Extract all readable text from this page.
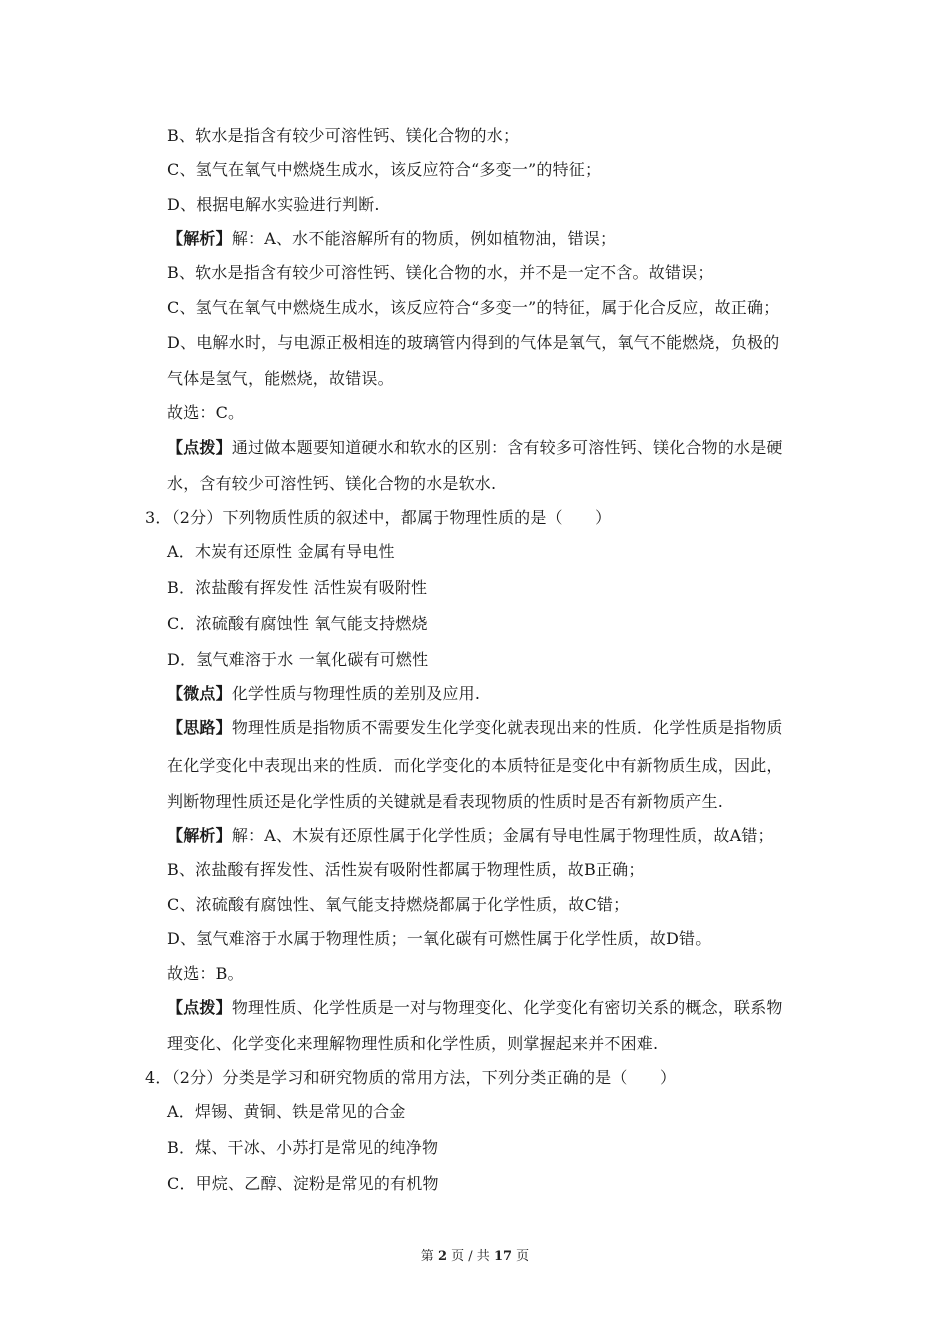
B、软水是指含有较少可溶性钙、镁化合物的水；
C、氢气在氧气中燃烧生成水，该反应符合“多变一”的特征；
D、根据电解水实验进行判断.
【解析】解：A、水不能溶解所有的物质，例如植物油，错误；
B、软水是指含有较少可溶性钙、镁化合物的水，并不是一定不含。故错误；
C、氢气在氧气中燃烧生成水，该反应符合“多变一”的特征，属于化合反应，故正确；
D、电解水时，与电源正极相连的玻璃管内得到的气体是氧气，氧气不能燃烧，负极的
气体是氢气，能燃烧，故错误。
故选：C。
【点拨】通过做本题要知道硬水和软水的区别：含有较多可溶性钙、镁化合物的水是硬
水，含有较少可溶性钙、镁化合物的水是软水.
3．（2分）下列物质性质的叙述中，都属于物理性质的是（　　）
A．木炭有还原性 金属有导电性
B．浓盐酸有挥发性 活性炭有吸附性
C．浓硫酸有腐蚀性 氧气能支持燃烧
D．氢气难溶于水 一氧化碳有可燃性
【微点】化学性质与物理性质的差别及应用.
【思路】物理性质是指物质不需要发生化学变化就表现出来的性质．化学性质是指物质
在化学变化中表现出来的性质．而化学变化的本质特征是变化中有新物质生成，因此，
判断物理性质还是化学性质的关键就是看表现物质的性质时是否有新物质产生.
【解析】解：A、木炭有还原性属于化学性质；金属有导电性属于物理性质，故A错；
B、浓盐酸有挥发性、活性炭有吸附性都属于物理性质，故B正确；
C、浓硫酸有腐蚀性、氧气能支持燃烧都属于化学性质，故C错；
D、氢气难溶于水属于物理性质；一氧化碳有可燃性属于化学性质，故D错。
故选：B。
【点拨】物理性质、化学性质是一对与物理变化、化学变化有密切关系的概念，联系物
理变化、化学变化来理解物理性质和化学性质，则掌握起来并不困难.
4．（2分）分类是学习和研究物质的常用方法，下列分类正确的是（　　）
A．焊锡、黄铜、铁是常见的合金
B．煤、干冰、小苏打是常见的纯净物
C．甲烷、乙醇、淀粉是常见的有机物
第 2 页 / 共 17 页
